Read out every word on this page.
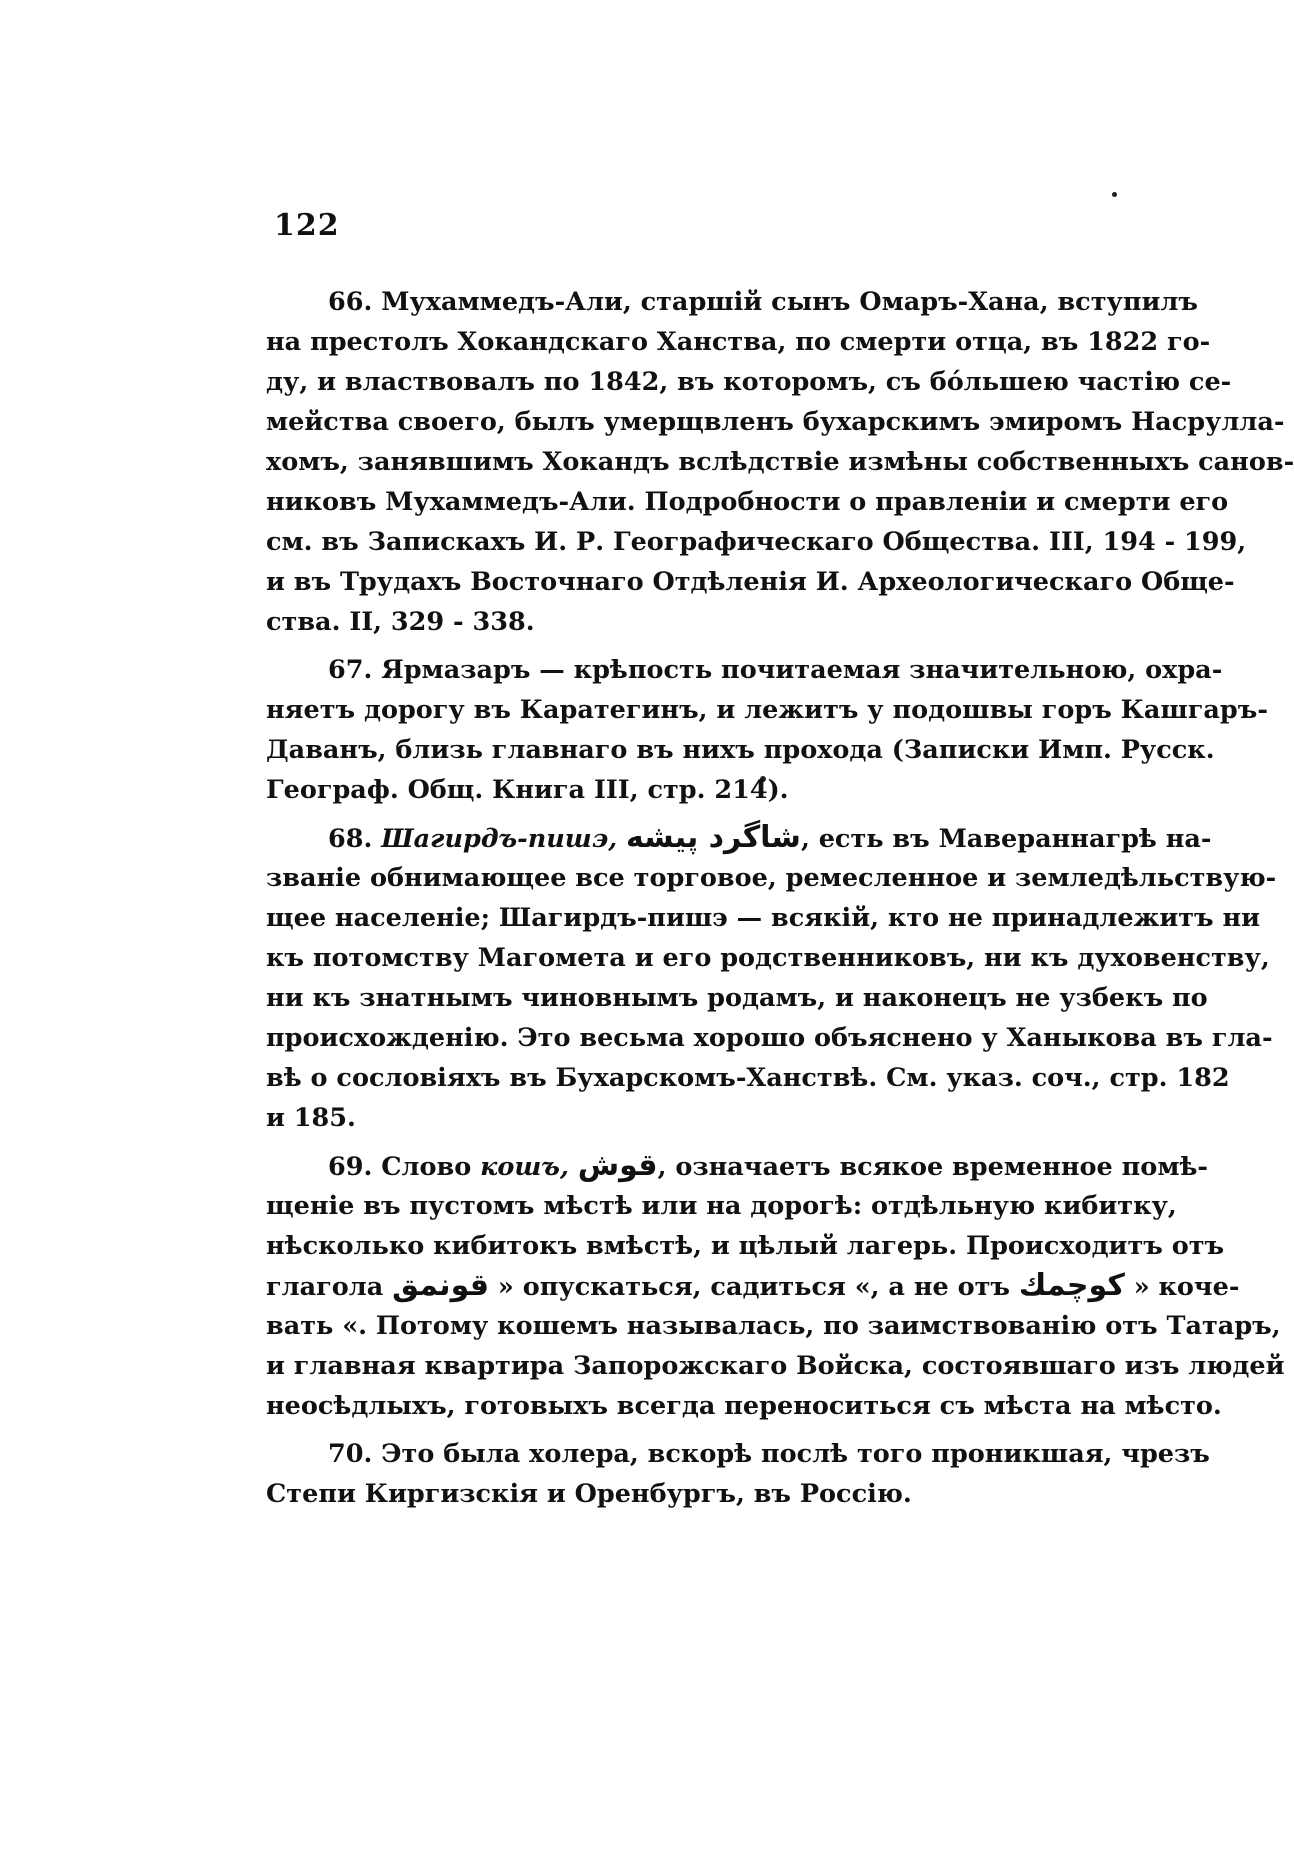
122
66. Мухаммедъ-Али, старшій сынъ Омаръ-Хана, вступилъ
на престолъ Хокандскаго Ханства, по смерти отца, въ 1822 го-
ду, и властвовалъ по 1842, въ которомъ, съ бóльшею частію се-
мейства своего, былъ умерщвленъ бухарскимъ эмиромъ Насрулла-
хомъ, занявшимъ Хокандъ вслѣдствіе измѣны собственныхъ санов-
никовъ Мухаммедъ-Али. Подробности о правленіи и смерти его
см. въ Запискахъ И. Р. Географическаго Общества. III, 194 - 199,
и въ Трудахъ Восточнаго Отдѣленія И. Археологическаго Обще-
ства. II, 329 - 338.
67. Ярмазаръ — крѣпость почитаемая значительною, охра-
няетъ дорогу въ Каратегинъ, и лежитъ у подошвы горъ Кашгаръ-
Даванъ, близь главнаго въ нихъ прохода (Записки Имп. Русск.
Географ. Общ. Книга III, стр. 214).
68. Шагирдъ-пишэ, شاگرد پیشه, есть въ Мавераннагрѣ на-
званіе обнимающее все торговое, ремесленное и земледѣльствую-
щее населеніе; Шагирдъ-пишэ — всякій, кто не принадлежитъ ни
къ потомству Магомета и его родственниковъ, ни къ духовенству,
ни къ знатнымъ чиновнымъ родамъ, и наконецъ не узбекъ по
происхожденію. Это весьма хорошо объяснено у Ханыкова въ гла-
вѣ о сословіяхъ въ Бухарскомъ-Ханствѣ. См. указ. соч., стр. 182
и 185.
69. Слово кошъ, قوش, означаетъ всякое временное помѣ-
щеніе въ пустомъ мѣстѣ или на дорогѣ: отдѣльную кибитку,
нѣсколько кибитокъ вмѣстѣ, и цѣлый лагерь. Происходитъ отъ
глагола قونمق » опускаться, садиться «, а не отъ کوچمك » коче-
вать «. Потому кошемъ называлась, по заимствованію отъ Татаръ,
и главная квартира Запорожскаго Войска, состоявшаго изъ людей
неосѣдлыхъ, готовыхъ всегда переноситься съ мѣста на мѣсто.
70. Это была холера, вскорѣ послѣ того проникшая, чрезъ
Степи Киргизскія и Оренбургъ, въ Россію.
